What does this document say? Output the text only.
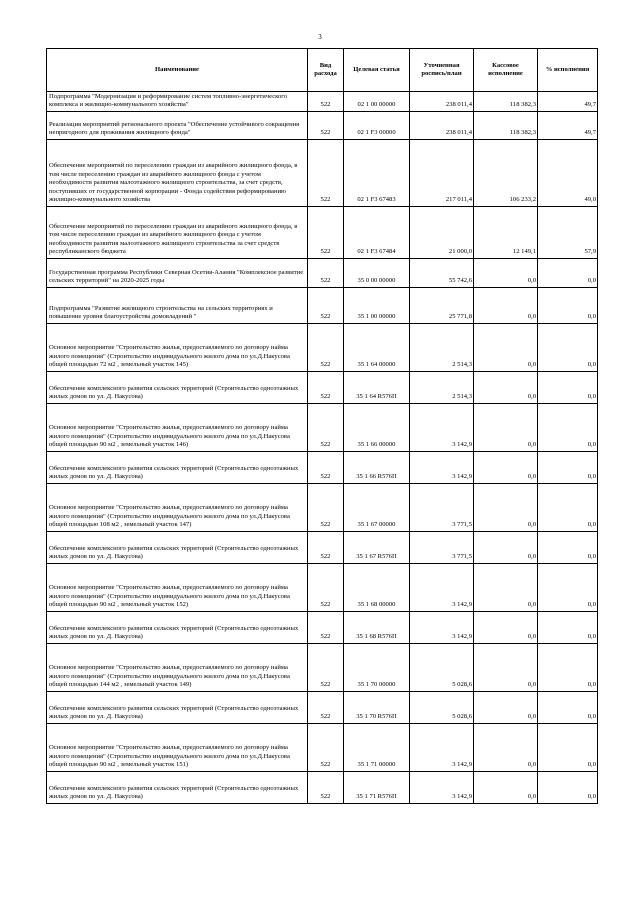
3
Наименование	Вид расхода	Целевая статья	Уточненная роспись/план	Кассовое исполнение	% исполнения
Подпрограмма "Модернизация и реформирование систем топливно-энергетического комплекса и жилищно-коммунального хозяйства"	522	02 1 00 00000	238 011,4	118 382,3	49,7
Реализация мероприятий регионального проекта "Обеспечение устойчивого сокращения непригодного для проживания жилищного фонда"	522	02 1 F3 00000	238 011,4	118 382,3	49,7
Обеспечение мероприятий по переселению граждан из аварийного жилищного фонда, в том числе переселению граждан из аварийного жилищного фонда с учетом необходимости развития малоэтажного жилищного строительства, за счет средств, поступивших от государственной корпорации - Фонда содействия реформированию жилищно-коммунального хозяйства	522	02 1 F3 67483	217 011,4	106 233,2	49,0
Обеспечение мероприятий по переселению граждан из аварийного жилищного фонда, в том числе переселению граждан из аварийного жилищного фонда с учетом необходимости развития малоэтажного жилищного строительства за счет средств республиканского бюджета	522	02 1 F3 67484	21 000,0	12 149,1	57,9
Государственная программа Республики Северная Осетия-Алания "Комплексное развитие сельских территорий" на 2020-2025 годы	522	35 0 00 00000	55 742,6	0,0	0,0
Подпрограмма "Развитие жилищного строительства на сельских территориях и повышение уровня благоустройства домовладений "	522	35 1 00 00000	25 771,8	0,0	0,0
Основное мероприятие "Строительство жилья, предоставляемого по договору найма жилого помещения" (Строительство индивидуального жилого дома по ул.Д.Накусова общей площадью 72 м2 , земельный участок 145)	522	35 1 64 00000	2 514,3	0,0	0,0
Обеспечение комплексного развития сельских территорий (Строительство одноэтажных жилых домов по ул. Д. Накусова)	522	35 1 64 R576П	2 514,3	0,0	0,0
Основное мероприятие "Строительство жилья, предоставляемого по договору найма жилого помещения" (Строительство индивидуального жилого дома по ул.Д.Накусова общей площадью 90 м2 , земельный участок 146)	522	35 1 66 00000	3 142,9	0,0	0,0
Обеспечение комплексного развития сельских территорий (Строительство одноэтажных жилых домов по ул. Д. Накусова)	522	35 1 66 R576П	3 142,9	0,0	0,0
Основное мероприятие "Строительство жилья, предоставляемого по договору найма жилого помещения" (Строительство индивидуального жилого дома по ул.Д.Накусова общей площадью 108 м2 , земельный участок 147)	522	35 1 67 00000	3 771,5	0,0	0,0
Обеспечение комплексного развития сельских территорий (Строительство одноэтажных жилых домов по ул. Д. Накусова)	522	35 1 67 R576П	3 771,5	0,0	0,0
Основное мероприятие "Строительство жилья, предоставляемого по договору найма жилого помещения" (Строительство индивидуального жилого дома по ул.Д.Накусова общей площадью 90 м2 , земельный участок 152)	522	35 1 68 00000	3 142,9	0,0	0,0
Обеспечение комплексного развития сельских территорий (Строительство одноэтажных жилых домов по ул. Д. Накусова)	522	35 1 68 R576П	3 142,9	0,0	0,0
Основное мероприятие "Строительство жилья, предоставляемого по договору найма жилого помещения" (Строительство индивидуального жилого дома по ул.Д.Накусова общей площадью 144 м2 , земельный участок 149)	522	35 1 70 00000	5 028,6	0,0	0,0
Обеспечение комплексного развития сельских территорий (Строительство одноэтажных жилых домов по ул. Д. Накусова)	522	35 1 70 R576П	5 028,6	0,0	0,0
Основное мероприятие "Строительство жилья, предоставляемого по договору найма жилого помещения" (Строительство индивидуального жилого дома по ул.Д.Накусова общей площадью 90 м2 , земельный участок 151)	522	35 1 71 00000	3 142,9	0,0	0,0
Обеспечение комплексного развития сельских территорий (Строительство одноэтажных жилых домов по ул. Д. Накусова)	522	35 1 71 R576П	3 142,9	0,0	0,0
